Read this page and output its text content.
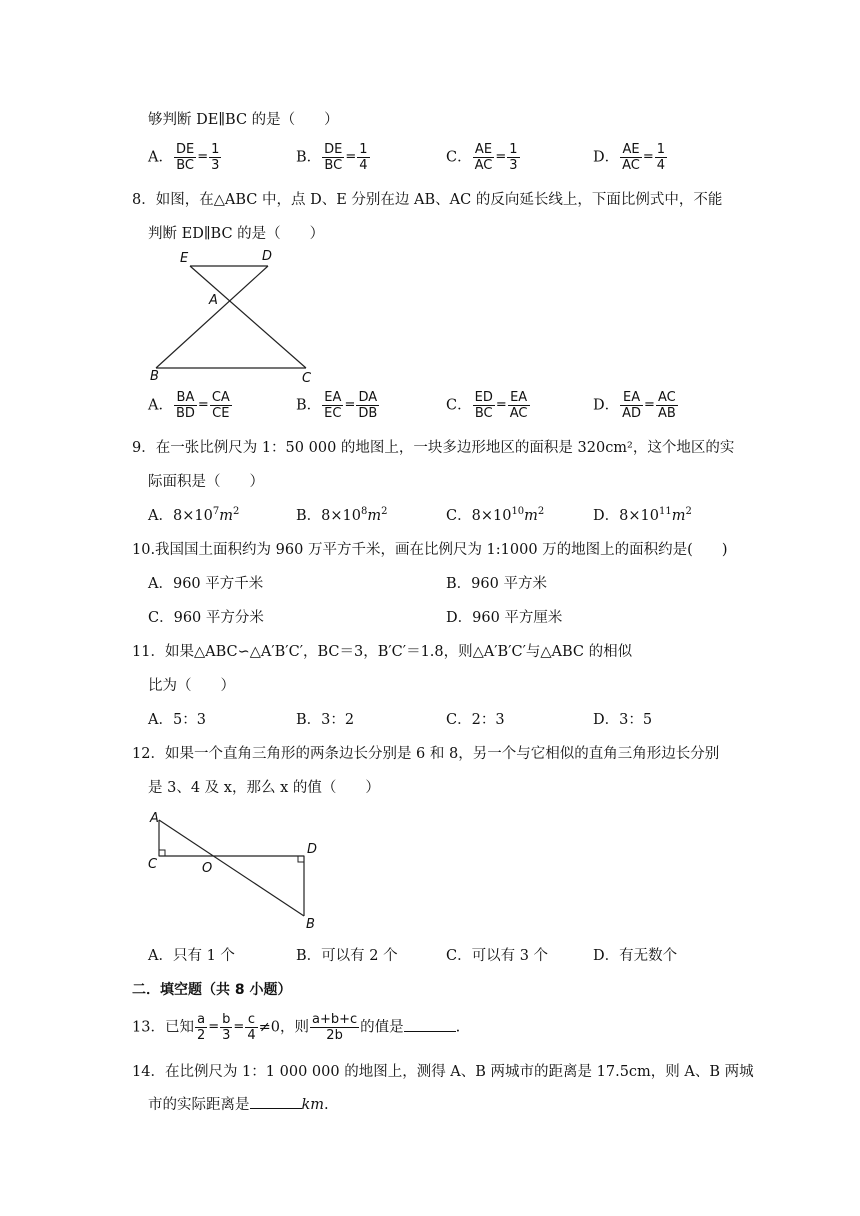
够判断 DE∥BC 的是（　　）
A． $\frac{DE}{BC} = \frac{1}{3}$	B． $\frac{DE}{BC} = \frac{1}{4}$	C． $\frac{AE}{AC} = \frac{1}{3}$	D． $\frac{AE}{AC} = \frac{1}{4}$
8．如图，在△ABC 中，点 D、E 分别在边 AB、AC 的反向延长线上，下面比例式中，不能
判断 ED∥BC 的是（　　）
E	D
A
B	C
A． $\frac{BA}{BD} = \frac{CA}{CE}$	B． $\frac{EA}{EC} = \frac{DA}{DB}$	C． $\frac{ED}{BC} = \frac{EA}{AC}$	D． $\frac{EA}{AD} = \frac{AC}{AB}$
9．在一张比例尺为 1：50 000 的地图上，一块多边形地区的面积是 320cm²，这个地区的实
际面积是（　　）
A．$8\times 10^7m^2$	B．$8\times 10^8m^2$	C．$8\times 10^{10}m^2$	D．$8\times 10^{11}m^2$
10.我国国土面积约为 960 万平方千米，画在比例尺为 1:1000 万的地图上的面积约是(　　)
A．960 平方千米	B．960 平方米
C．960 平方分米	D．960 平方厘米
11．如果△ABC∽△A′B′C′，BC＝3，B′C′＝1.8，则△A′B′C′与△ABC 的相似
比为（　　）
A．5：3	B．3：2	C．2：3	D．3：5
12．如果一个直角三角形的两条边长分别是 6 和 8，另一个与它相似的直角三角形边长分别
是 3、4 及 x，那么 x 的值（　　）
A
C	O
D
B
A．只有 1 个	B．可以有 2 个	C．可以有 3 个	D．有无数个
二．填空题（共 8 小题）
13．已知 $\frac{a}{2} = \frac{b}{3} = \frac{c}{4} \ne 0$，则 $\frac{a+b+c}{2b}$ 的值是	.
14．在比例尺为 1：1 000 000 的地图上，测得 A、B 两城市的距离是 17.5cm，则 A、B 两城
市的实际距离是	km.
